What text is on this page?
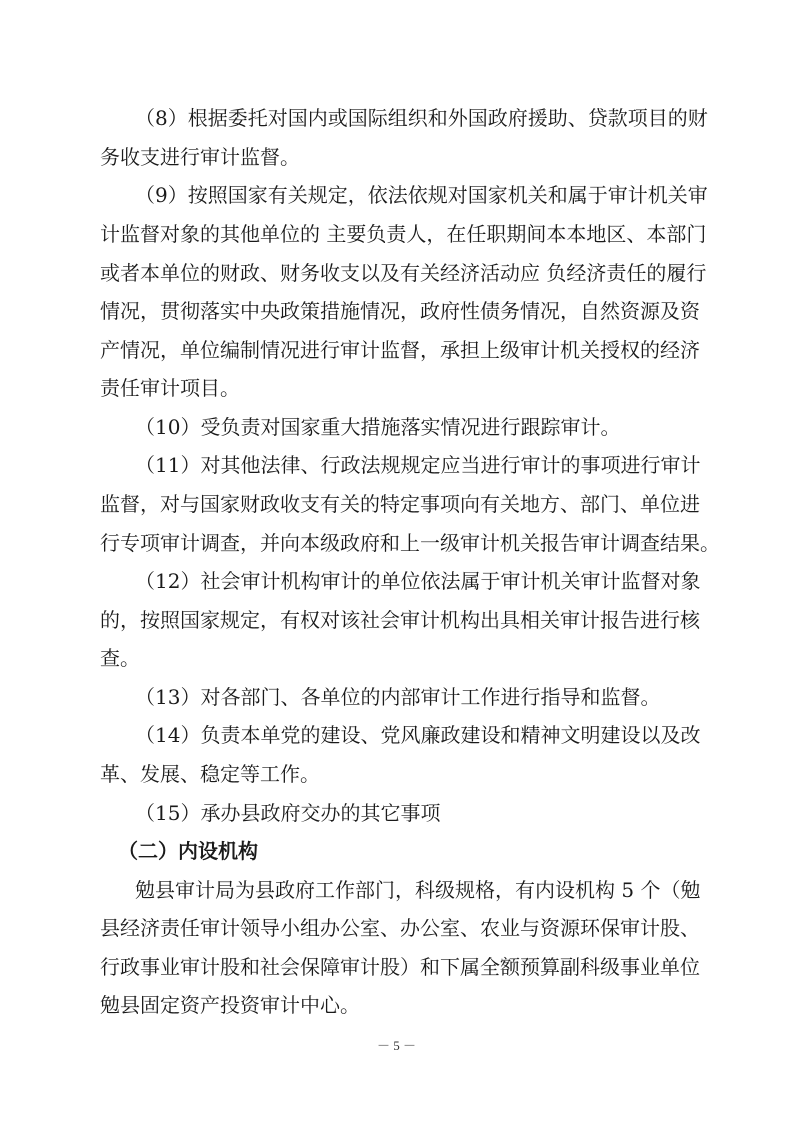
（8）根据委托对国内或国际组织和外国政府援助、贷款项目的财
务收支进行审计监督。
（9）按照国家有关规定，依法依规对国家机关和属于审计机关审
计监督对象的其他单位的 主要负责人，在任职期间本本地区、本部门
或者本单位的财政、财务收支以及有关经济活动应 负经济责任的履行
情况，贯彻落实中央政策措施情况，政府性债务情况，自然资源及资
产情况，单位编制情况进行审计监督，承担上级审计机关授权的经济
责任审计项目。
（10）受负责对国家重大措施落实情况进行跟踪审计。
（11）对其他法律、行政法规规定应当进行审计的事项进行审计
监督，对与国家财政收支有关的特定事项向有关地方、部门、单位进
行专项审计调查，并向本级政府和上一级审计机关报告审计调查结果。
（12）社会审计机构审计的单位依法属于审计机关审计监督对象
的，按照国家规定，有权对该社会审计机构出具相关审计报告进行核
查。
（13）对各部门、各单位的内部审计工作进行指导和监督。
（14）负责本单党的建设、党风廉政建设和精神文明建设以及改
革、发展、稳定等工作。
（15）承办县政府交办的其它事项
（二）内设机构
勉县审计局为县政府工作部门，科级规格，有内设机构 5 个（勉
县经济责任审计领导小组办公室、办公室、农业与资源环保审计股、
行政事业审计股和社会保障审计股）和下属全额预算副科级事业单位
勉县固定资产投资审计中心。
－ 5 －
